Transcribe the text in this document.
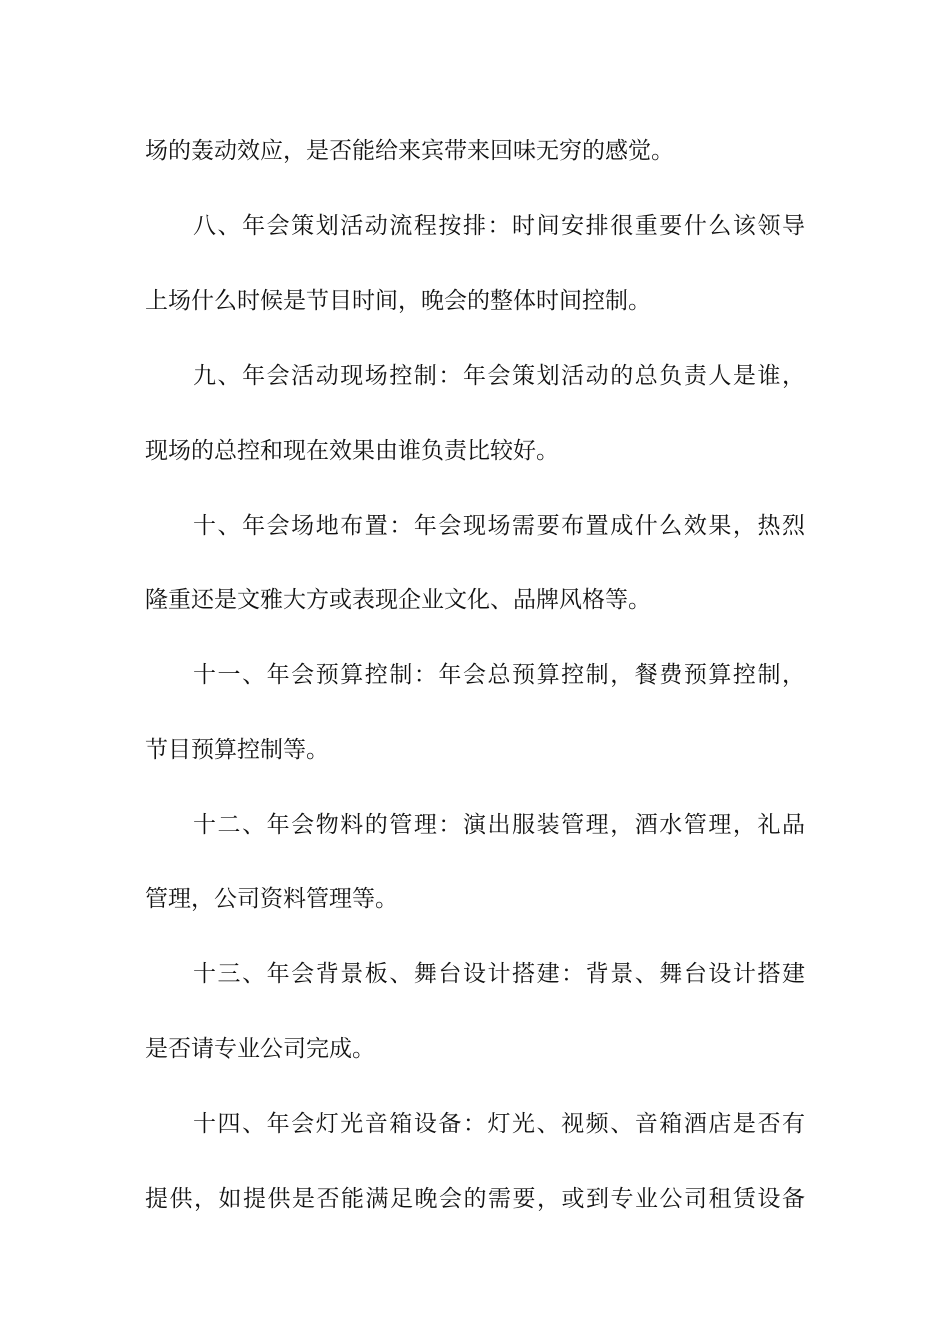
场的轰动效应，是否能给来宾带来回味无穷的感觉。
八、年会策划活动流程按排：时间安排很重要什么该领导
上场什么时候是节目时间，晚会的整体时间控制。
九、年会活动现场控制：年会策划活动的总负责人是谁，
现场的总控和现在效果由谁负责比较好。
十、年会场地布置：年会现场需要布置成什么效果，热烈
隆重还是文雅大方或表现企业文化、品牌风格等。
十一、年会预算控制：年会总预算控制，餐费预算控制，
节目预算控制等。
十二、年会物料的管理：演出服装管理，酒水管理，礼品
管理，公司资料管理等。
十三、年会背景板、舞台设计搭建：背景、舞台设计搭建
是否请专业公司完成。
十四、年会灯光音箱设备：灯光、视频、音箱酒店是否有
提供，如提供是否能满足晚会的需要，或到专业公司租赁设备
